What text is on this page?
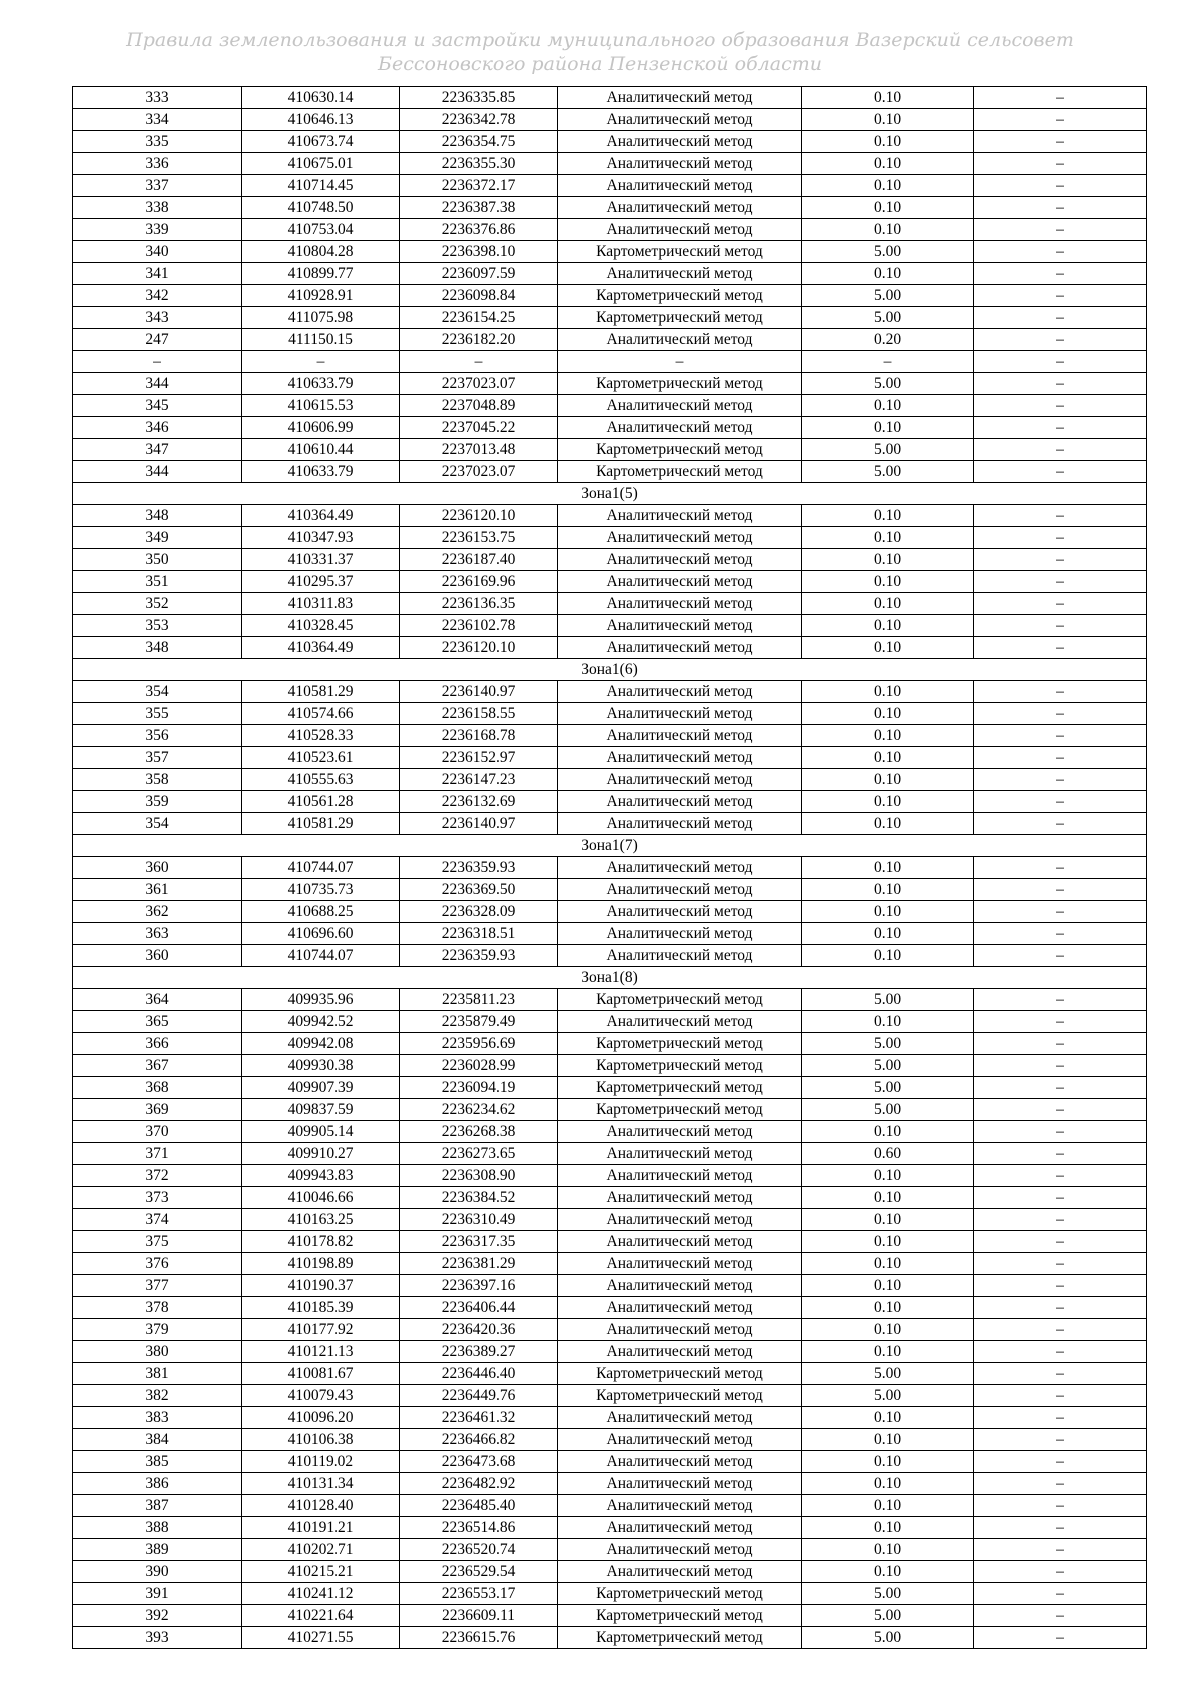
Правила землепользования и застройки муниципального образования Вазерский сельсовет
Бессоновского района Пензенской области
333	410630.14	2236335.85	Аналитический метод	0.10	–
334	410646.13	2236342.78	Аналитический метод	0.10	–
335	410673.74	2236354.75	Аналитический метод	0.10	–
336	410675.01	2236355.30	Аналитический метод	0.10	–
337	410714.45	2236372.17	Аналитический метод	0.10	–
338	410748.50	2236387.38	Аналитический метод	0.10	–
339	410753.04	2236376.86	Аналитический метод	0.10	–
340	410804.28	2236398.10	Картометрический метод	5.00	–
341	410899.77	2236097.59	Аналитический метод	0.10	–
342	410928.91	2236098.84	Картометрический метод	5.00	–
343	411075.98	2236154.25	Картометрический метод	5.00	–
247	411150.15	2236182.20	Аналитический метод	0.20	–
–	–	–	–	–	–
344	410633.79	2237023.07	Картометрический метод	5.00	–
345	410615.53	2237048.89	Аналитический метод	0.10	–
346	410606.99	2237045.22	Аналитический метод	0.10	–
347	410610.44	2237013.48	Картометрический метод	5.00	–
344	410633.79	2237023.07	Картометрический метод	5.00	–
Зона1(5)					
348	410364.49	2236120.10	Аналитический метод	0.10	–
349	410347.93	2236153.75	Аналитический метод	0.10	–
350	410331.37	2236187.40	Аналитический метод	0.10	–
351	410295.37	2236169.96	Аналитический метод	0.10	–
352	410311.83	2236136.35	Аналитический метод	0.10	–
353	410328.45	2236102.78	Аналитический метод	0.10	–
348	410364.49	2236120.10	Аналитический метод	0.10	–
Зона1(6)					
354	410581.29	2236140.97	Аналитический метод	0.10	–
355	410574.66	2236158.55	Аналитический метод	0.10	–
356	410528.33	2236168.78	Аналитический метод	0.10	–
357	410523.61	2236152.97	Аналитический метод	0.10	–
358	410555.63	2236147.23	Аналитический метод	0.10	–
359	410561.28	2236132.69	Аналитический метод	0.10	–
354	410581.29	2236140.97	Аналитический метод	0.10	–
Зона1(7)					
360	410744.07	2236359.93	Аналитический метод	0.10	–
361	410735.73	2236369.50	Аналитический метод	0.10	–
362	410688.25	2236328.09	Аналитический метод	0.10	–
363	410696.60	2236318.51	Аналитический метод	0.10	–
360	410744.07	2236359.93	Аналитический метод	0.10	–
Зона1(8)					
364	409935.96	2235811.23	Картометрический метод	5.00	–
365	409942.52	2235879.49	Аналитический метод	0.10	–
366	409942.08	2235956.69	Картометрический метод	5.00	–
367	409930.38	2236028.99	Картометрический метод	5.00	–
368	409907.39	2236094.19	Картометрический метод	5.00	–
369	409837.59	2236234.62	Картометрический метод	5.00	–
370	409905.14	2236268.38	Аналитический метод	0.10	–
371	409910.27	2236273.65	Аналитический метод	0.60	–
372	409943.83	2236308.90	Аналитический метод	0.10	–
373	410046.66	2236384.52	Аналитический метод	0.10	–
374	410163.25	2236310.49	Аналитический метод	0.10	–
375	410178.82	2236317.35	Аналитический метод	0.10	–
376	410198.89	2236381.29	Аналитический метод	0.10	–
377	410190.37	2236397.16	Аналитический метод	0.10	–
378	410185.39	2236406.44	Аналитический метод	0.10	–
379	410177.92	2236420.36	Аналитический метод	0.10	–
380	410121.13	2236389.27	Аналитический метод	0.10	–
381	410081.67	2236446.40	Картометрический метод	5.00	–
382	410079.43	2236449.76	Картометрический метод	5.00	–
383	410096.20	2236461.32	Аналитический метод	0.10	–
384	410106.38	2236466.82	Аналитический метод	0.10	–
385	410119.02	2236473.68	Аналитический метод	0.10	–
386	410131.34	2236482.92	Аналитический метод	0.10	–
387	410128.40	2236485.40	Аналитический метод	0.10	–
388	410191.21	2236514.86	Аналитический метод	0.10	–
389	410202.71	2236520.74	Аналитический метод	0.10	–
390	410215.21	2236529.54	Аналитический метод	0.10	–
391	410241.12	2236553.17	Картометрический метод	5.00	–
392	410221.64	2236609.11	Картометрический метод	5.00	–
393	410271.55	2236615.76	Картометрический метод	5.00	–
